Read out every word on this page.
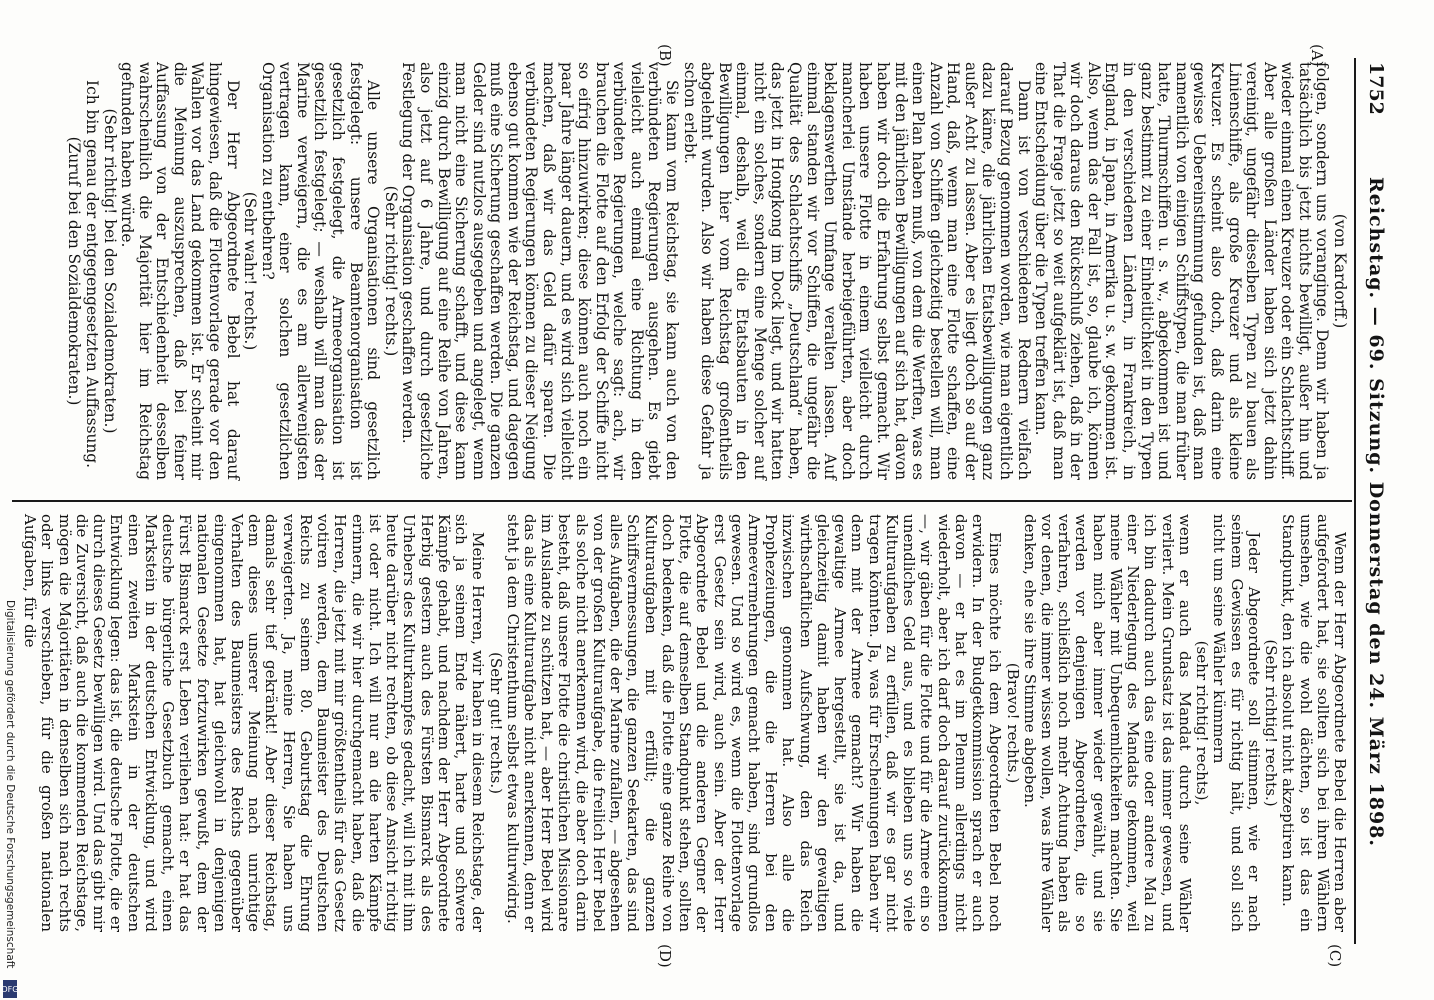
1752
Reichstag. — 69. Sitzung. Donnerstag den 24. März 1898.
(A)
(B)
(C)
(D)

(von Kardorff.)

folgen, sondern uns voranginge. Denn wir haben ja tatsächlich bis jetzt nichts bewilligt, außer hin und wieder einmal einen Kreuzer oder ein Schlachtschiff. Aber alle großen Länder haben sich jetzt dahin vereinigt, ungefähr dieselben Typen zu bauen als Linienschiffe, als große Kreuzer und als kleine Kreuzer. Es scheint also doch, daß darin eine gewisse Uebereinstimmung gefunden ist, daß man namentlich von einigen Schiffstypen, die man früher hatte, Thurmschiffen u. s. w., abgekommen ist und ganz bestimmt zu einer Einheitlichkeit in den Typen in den verschiedenen Ländern, in Frankreich, in England, in Japan, in Amerika u. s. w. gekommen ist. Also, wenn das der Fall ist, so, glaube ich, können wir doch daraus den Rückschluß ziehen, daß in der That die Frage jetzt so weit aufgeklärt ist, daß man eine Entscheidung über die Typen treffen kann.

Dann ist von verschiedenen Rednern vielfach darauf Bezug genommen worden, wie man eigentlich dazu käme, die jährlichen Etatsbewilligungen ganz außer Acht zu lassen. Aber es liegt doch so auf der Hand, daß, wenn man eine Flotte schaffen, eine Anzahl von Schiffen gleichzeitig bestellen will, man einen Plan haben muß, von dem die Werften, was es mit den jährlichen Bewilligungen auf sich hat, davon haben wir doch die Erfahrung selbst gemacht. Wir haben unsere Flotte in einem vielleicht durch mancherlei Umstände herbeigeführten, aber doch beklagenswerthen Umfange veralten lassen. Auf einmal standen wir vor Schiffen, die ungefähr die Qualität des Schlachtschiffs „Deutschland“ haben, das jetzt in Hongkong im Dock liegt, und wir hatten nicht ein solches, sondern eine Menge solcher auf einmal, deshalb, weil die Etatsbauten in den Bewilligungen hier vom Reichstag großentheils abgelehnt wurden. Also wir haben diese Gefahr ja schon erlebt.

Sie kann vom Reichstag, sie kann auch von den verbündeten Regierungen ausgehen. Es giebt vielleicht auch einmal eine Richtung in den verbündeten Regierungen, welche sagt: ach, wir brauchen die Flotte auf den Erfolg der Schiffe nicht so eifrig hinzuwirken; diese können auch noch ein paar Jahre länger dauern, und es wird sich vielleicht machen, daß wir das Geld dafür sparen. Die verbündeten Regierungen können zu dieser Neigung ebenso gut kommen wie der Reichstag, und dagegen muß eine Sicherung geschaffen werden. Die ganzen Gelder sind nutzlos ausgegeben und angelegt, wenn man nicht eine Sicherung schafft, und diese kann einzig durch Bewilligung auf eine Reihe von Jahren, also jetzt auf 6 Jahre, und durch gesetzliche Festlegung der Organisation geschaffen werden.

(Sehr richtig! rechts.)

Alle unsere Organisationen sind gesetzlich festgelegt: unsere Beamtenorganisation ist gesetzlich festgelegt, die Armeeorganisation ist gesetzlich festgelegt; — weshalb will man das der Marine verweigern, die es am allerwenigsten vertragen kann, einer solchen gesetzlichen Organisation zu entbehren?

(Sehr wahr! rechts.)

Der Herr Abgeordnete Bebel hat darauf hingewiesen, daß die Flottenvorlage gerade vor den Wahlen vor das Land gekommen ist. Er scheint mir die Meinung auszusprechen, daß bei feiner Auffassung von der Entschiedenheit desselben wahrscheinlich die Majorität hier im Reichstag gefunden haben würde.

(Sehr richtig! bei den Sozialdemokraten.)

Ich bin genau der entgegengesetzten Auffassung.

(Zuruf bei den Sozialdemokraten.)

Wenn der Herr Abgeordnete Bebel die Herren aber aufgefordert hat, sie sollten sich bei ihren Wählern umsehen, wie die wohl dächten, so ist das ein Standpunkt, den ich absolut nicht akzeptiren kann.

(Sehr richtig! rechts.)

Jeder Abgeordnete soll stimmen, wie er nach seinem Gewissen es für richtig hält, und soll sich nicht um seine Wähler kümmern

(sehr richtig! rechts),

wenn er auch das Mandat durch seine Wähler verliert. Mein Grundsatz ist das immer gewesen, und ich bin dadurch auch das eine oder andere Mal zu einer Niederlegung des Mandats gekommen, weil meine Wähler mit Unbequemlichkeiten machten. Sie haben mich aber immer wieder gewählt, und sie werden vor denjenigen Abgeordneten, die so verfahren, schließlich noch mehr Achtung haben als vor denen, die immer wissen wollen, was ihre Wähler denken, ehe sie ihre Stimme abgeben.

(Bravo! rechts.)

Eines möchte ich dem Abgeordneten Bebel noch erwidern. In der Budgetkommission sprach er auch davon — er hat es im Plenum allerdings nicht wiederholt, aber ich darf doch darauf zurückkommen —, wir gäben für die Flotte und für die Armee ein so unendliches Geld aus, und es blieben uns so viele Kulturaufgaben zu erfüllen, daß wir es gar nicht tragen könnten. Ja, was für Erscheinungen haben wir denn mit der Armee gemacht? Wir haben die gewaltige Armee hergestellt, sie ist da, und gleichzeitig damit haben wir den gewaltigen wirthschaftlichen Aufschwung, den das Reich inzwischen genommen hat. Also alle die Prophezeiungen, die die Herren bei den Armeevermehrungen gemacht haben, sind grundlos gewesen. Und so wird es, wenn die Flottenvorlage erst Gesetz sein wird, auch sein. Aber der Herr Abgeordnete Bebel und die anderen Gegner der Flotte, die auf demselben Standpunkt stehen, sollten doch bedenken, daß die Flotte eine ganze Reihe von Kulturaufgaben mit erfüllt; die ganzen Schiffsvermessungen, die ganzen Seekarten, das sind alles Aufgaben, die der Marine zufallen, — abgesehen von der großen Kulturaufgabe, die freilich Herr Bebel als solche nicht anerkennen wird, die aber doch darin besteht, daß unsere Flotte die christlichen Missionare im Auslande zu schützen hat, — aber Herr Bebel wird das als eine Kulturaufgabe nicht anerkennen, denn er steht ja dem Christenthum selbst etwas kulturwidrig.

(Sehr gut! rechts.)

Meine Herren, wir haben in diesem Reichstage, der sich ja seinem Ende nähert, harte und schwere Kämpfe gehabt, und nachdem der Herr Abgeordnete Herbig gestern auch des Fürsten Bismarck als des Urhebers des Kulturkampfes gedacht, will ich mit ihm heute darüber nicht rechten, ob diese Ansicht richtig ist oder nicht. Ich will nur an die harten Kämpfe erinnern, die wir hier durchgemacht haben, daß die Herren, die jetzt mit mir größtentheils für das Gesetz votiren werden, dem Baumeister des Deutschen Reichs zu seinem 80. Geburtstag die Ehrung verweigerten. Ja, meine Herren, Sie haben uns damals sehr tief gekränkt! Aber dieser Reichstag, dem dieses unserer Meinung nach unrichtige Verhalten des Baumeisters des Reichs gegenüber eingenommen hat, hat gleichwohl in denjenigen nationalen Gesetze fortzuwirken gewußt, dem der Fürst Bismarck erst Leben verliehen hat: er hat das deutsche bürgerliche Gesetzbuch gemacht, einen Markstein in der deutschen Entwicklung, und wird einen zweiten Markstein in der deutschen Entwicklung legen: das ist, die deutsche Flotte, die er durch dieses Gesetz bewilligen wird. Und das gibt mir die Zuversicht, daß auch die kommenden Reichstage, mögen die Majoritäten in denselben sich nach rechts oder links verschieben, für die großen nationalen Aufgaben, für die

Digitalisierung gefördert durch die Deutsche Forschungsgemeinschaft
DFG
